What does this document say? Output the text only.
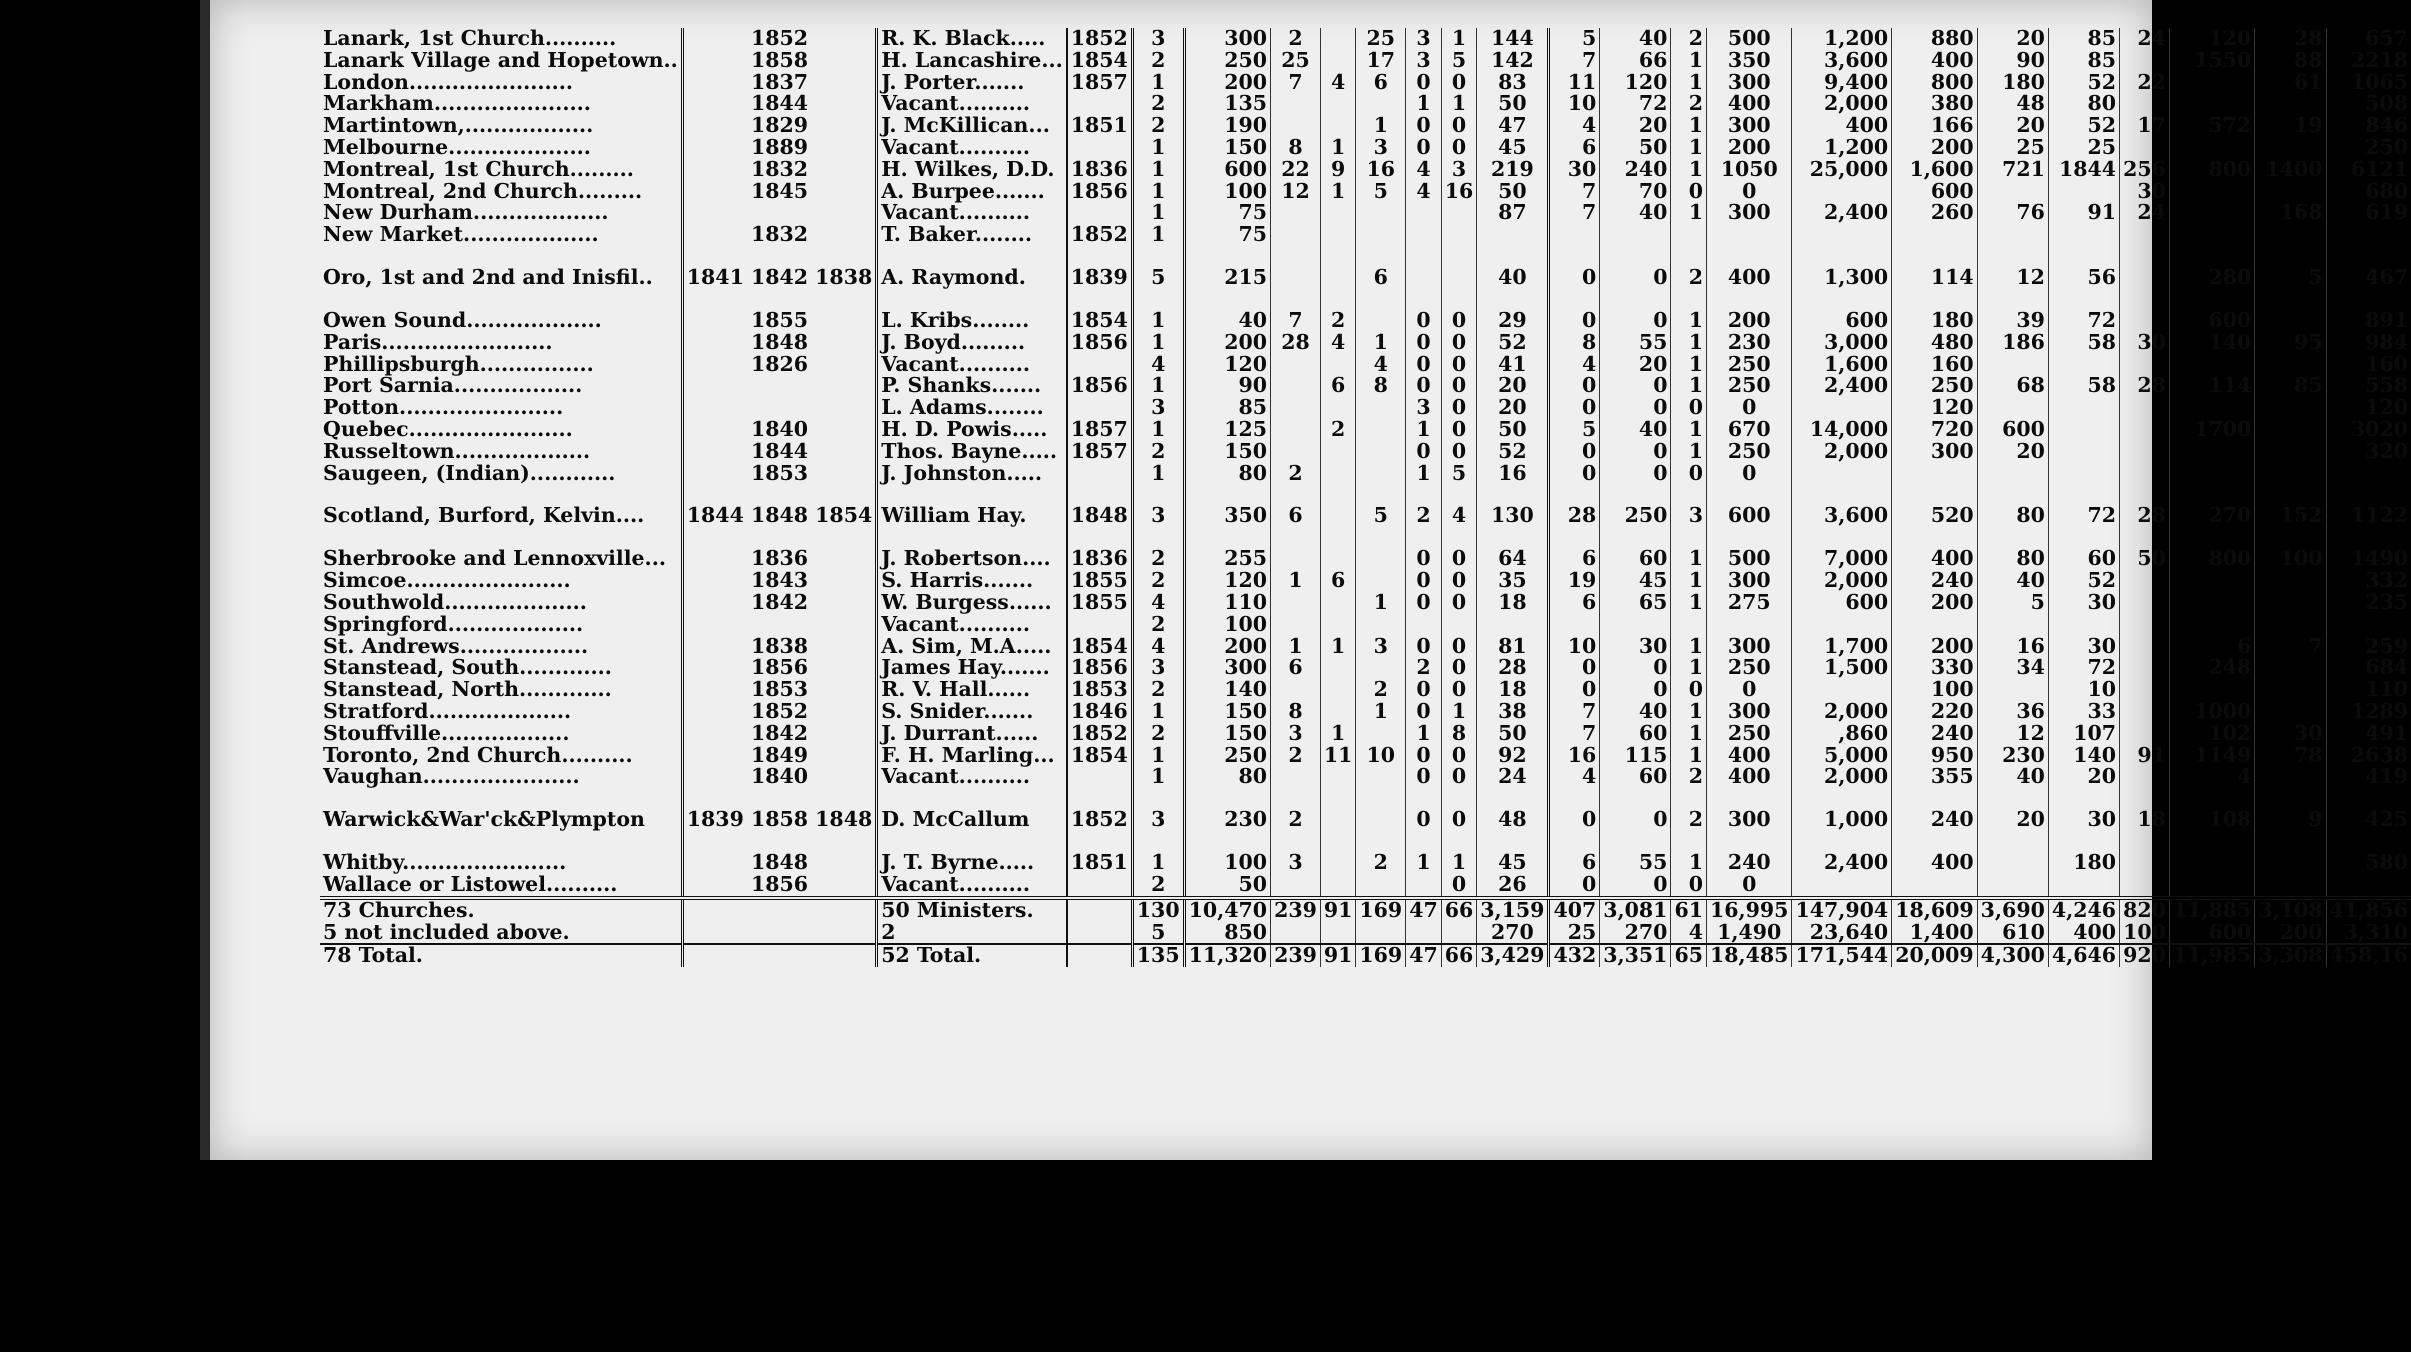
Lanark, 1st Church..........	1852	R. K. Black.....	1852	3	300	2		25	3	1	144	5	40	2	500	1,200	880	20	85	24	120	28	657
Lanark Village and Hopetown..	1858	H. Lancashire...	1854	2	250	25		17	3	5	142	7	66	1	350	3,600	400	90	85		1550	88	2218
London.......................	1837	J. Porter.......	1857	1	200	7	4	6	0	0	83	11	120	1	300	9,400	800	180	52	22		61	1065
Markham......................	1844	Vacant..........		2	135				1	1	50	10	72	2	400	2,000	380	48	80				508
Martintown,..................	1829	J. McKillican...	1851	2	190			1	0	0	47	4	20	1	300	400	166	20	52	17	572	19	846
Melbourne....................	1889	Vacant..........		1	150	8	1	3	0	0	45	6	50	1	200	1,200	200	25	25				250
Montreal, 1st Church.........	1832	H. Wilkes, D.D.	1836	1	600	22	9	16	4	3	219	30	240	1	1050	25,000	1,600	721	1844	256	800	1400	6121
Montreal, 2nd Church.........	1845	A. Burpee.......	1856	1	100	12	1	5	4	16	50	7	70	0	0		600			30			680
New Durham...................		Vacant..........		1	75						87	7	40	1	300	2,400	260	76	91	24		168	619
New Market...................	1832	T. Baker........	1852	1	75																		
Oro, 1st and 2nd and Inisfil..	1841 1842 1838	A. Raymond.	1839	5	215			6			40	0	0	2	400	1,300	114	12	56		280	5	467
Owen Sound...................	1855	L. Kribs........	1854	1	40	7	2		0	0	29	0	0	1	200	600	180	39	72		600		891
Paris........................	1848	J. Boyd.........	1856	1	200	28	4	1	0	0	52	8	55	1	230	3,000	480	186	58	30	140	95	984
Phillipsburgh................	1826	Vacant..........		4	120			4	0	0	41	4	20	1	250	1,600	160						160
Port Sarnia..................		P. Shanks.......	1856	1	90		6	8	0	0	20	0	0	1	250	2,400	250	68	58	28	114	85	558
Potton.......................		L. Adams........		3	85				3	0	20	0	0	0	0		120						120
Quebec.......................	1840	H. D. Powis.....	1857	1	125		2		1	0	50	5	40	1	670	14,000	720	600			1700		3020
Russeltown...................	1844	Thos. Bayne.....	1857	2	150				0	0	52	0	0	1	250	2,000	300	20					320
Saugeen, (Indian)............	1853	J. Johnston.....		1	80	2			1	5	16	0	0	0	0								
Scotland, Burford, Kelvin....	1844 1848 1854	William Hay.	1848	3	350	6		5	2	4	130	28	250	3	600	3,600	520	80	72	28	270	152	1122
Sherbrooke and Lennoxville...	1836	J. Robertson....	1836	2	255				0	0	64	6	60	1	500	7,000	400	80	60	50	800	100	1490
Simcoe.......................	1843	S. Harris.......	1855	2	120	1	6		0	0	35	19	45	1	300	2,000	240	40	52				332
Southwold....................	1842	W. Burgess......	1855	4	110			1	0	0	18	6	65	1	275	600	200	5	30				235
Springford...................		Vacant..........		2	100																		
St. Andrews..................	1838	A. Sim, M.A.....	1854	4	200	1	1	3	0	0	81	10	30	1	300	1,700	200	16	30		6	7	259
Stanstead, South.............	1856	James Hay.......	1856	3	300	6			2	0	28	0	0	1	250	1,500	330	34	72		248		684
Stanstead, North.............	1853	R. V. Hall......	1853	2	140			2	0	0	18	0	0	0	0		100		10				110
Stratford....................	1852	S. Snider.......	1846	1	150	8		1	0	1	38	7	40	1	300	2,000	220	36	33		1000		1289
Stouffville..................	1842	J. Durrant......	1852	2	150	3	1		1	8	50	7	60	1	250	,860	240	12	107		102	30	491
Toronto, 2nd Church..........	1849	F. H. Marling...	1854	1	250	2	11	10	0	0	92	16	115	1	400	5,000	950	230	140	91	1149	78	2638
Vaughan......................	1840	Vacant..........		1	80				0	0	24	4	60	2	400	2,000	355	40	20		4		419
Warwick&War'ck&Plympton	1839 1858 1848	D. McCallum	1852	3	230	2			0	0	48	0	0	2	300	1,000	240	20	30	18	108	9	425
Whitby.......................	1848	J. T. Byrne.....	1851	1	100	3		2	1	1	45	6	55	1	240	2,400	400		180				580
Wallace or Listowel..........	1856	Vacant..........		2	50					0	26	0	0	0	0								
73 Churches.		50 Ministers.		130	10,470	239	91	169	47	66	3,159	407	3,081	61	16,995	147,904	18,609	3,690	4,246	820	11,885	3,108	41,856
5 not included above.		2		5	850						270	25	270	4	1,490	23,640	1,400	610	400	100	600	200	3,310
78 Total.		52 Total.		135	11,320	239	91	169	47	66	3,429	432	3,351	65	18,485	171,544	20,009	4,300	4,646	920	11,985	3,308	458,16
